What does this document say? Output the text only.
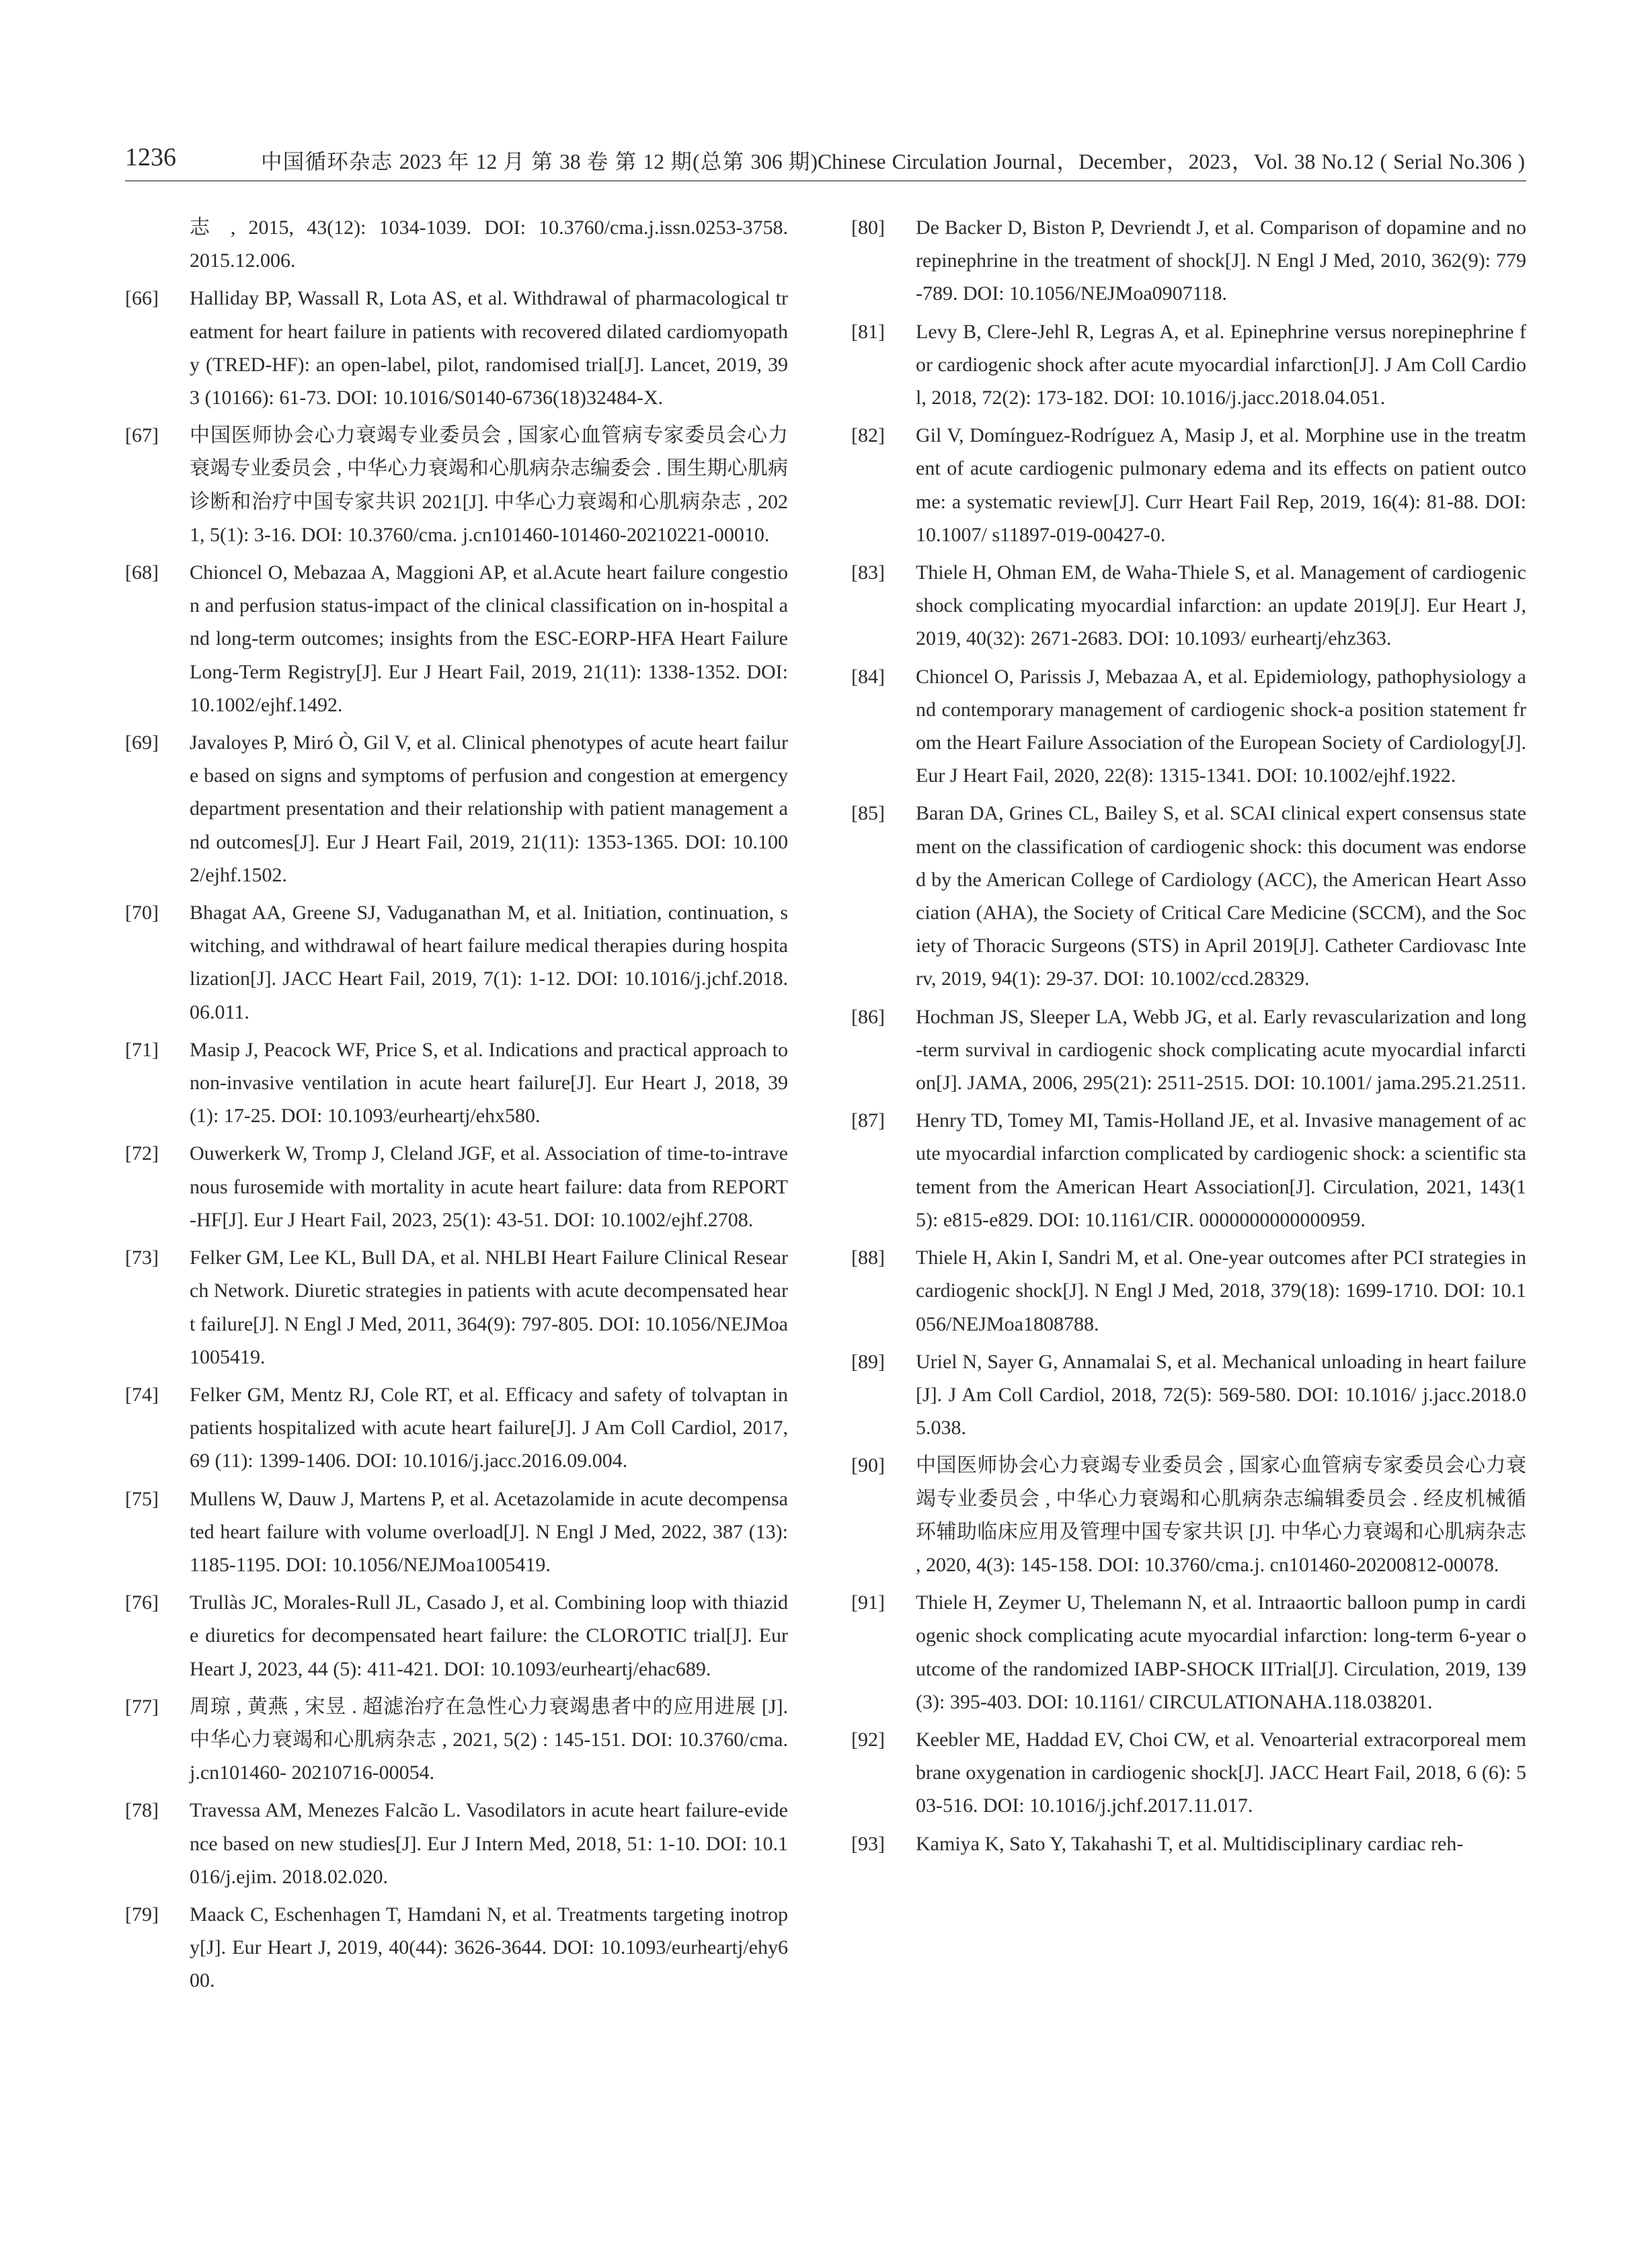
1236	中国循环杂志 2023 年 12 月 第 38 卷 第 12 期(总第 306 期)Chinese Circulation Journal，December，2023，Vol. 38 No.12 ( Serial No.306 )
志 , 2015, 43(12): 1034-1039. DOI: 10.3760/cma.j.issn.0253-3758. 2015.12.006.
[66]	Halliday BP, Wassall R, Lota AS, et al. Withdrawal of pharmacological treatment for heart failure in patients with recovered dilated cardiomyopathy (TRED-HF): an open-label, pilot, randomised trial[J]. Lancet, 2019, 393 (10166): 61-73. DOI: 10.1016/S0140-6736(18)32484-X.
[67]	中国医师协会心力衰竭专业委员会 , 国家心血管病专家委员会心力衰竭专业委员会 , 中华心力衰竭和心肌病杂志编委会 . 围生期心肌病诊断和治疗中国专家共识 2021[J]. 中华心力衰竭和心肌病杂志 , 2021, 5(1): 3-16. DOI: 10.3760/cma. j.cn101460-101460-20210221-00010.
[68]	Chioncel O, Mebazaa A, Maggioni AP, et al.Acute heart failure congestion and perfusion status-impact of the clinical classification on in-hospital and long-term outcomes; insights from the ESC-EORP-HFA Heart Failure Long-Term Registry[J]. Eur J Heart Fail, 2019, 21(11): 1338-1352. DOI: 10.1002/ejhf.1492.
[69]	Javaloyes P, Miró Ò, Gil V, et al. Clinical phenotypes of acute heart failure based on signs and symptoms of perfusion and congestion at emergency department presentation and their relationship with patient management and outcomes[J]. Eur J Heart Fail, 2019, 21(11): 1353-1365. DOI: 10.1002/ejhf.1502.
[70]	Bhagat AA, Greene SJ, Vaduganathan M, et al. Initiation, continuation, switching, and withdrawal of heart failure medical therapies during hospitalization[J]. JACC Heart Fail, 2019, 7(1): 1-12. DOI: 10.1016/j.jchf.2018.06.011.
[71]	Masip J, Peacock WF, Price S, et al. Indications and practical approach to non-invasive ventilation in acute heart failure[J]. Eur Heart J, 2018, 39(1): 17-25. DOI: 10.1093/eurheartj/ehx580.
[72]	Ouwerkerk W, Tromp J, Cleland JGF, et al. Association of time-to-intravenous furosemide with mortality in acute heart failure: data from REPORT-HF[J]. Eur J Heart Fail, 2023, 25(1): 43-51. DOI: 10.1002/ejhf.2708.
[73]	Felker GM, Lee KL, Bull DA, et al. NHLBI Heart Failure Clinical Research Network. Diuretic strategies in patients with acute decompensated heart failure[J]. N Engl J Med, 2011, 364(9): 797-805. DOI: 10.1056/NEJMoa1005419.
[74]	Felker GM, Mentz RJ, Cole RT, et al. Efficacy and safety of tolvaptan in patients hospitalized with acute heart failure[J]. J Am Coll Cardiol, 2017, 69 (11): 1399-1406. DOI: 10.1016/j.jacc.2016.09.004.
[75]	Mullens W, Dauw J, Martens P, et al. Acetazolamide in acute decompensated heart failure with volume overload[J]. N Engl J Med, 2022, 387 (13): 1185-1195. DOI: 10.1056/NEJMoa1005419.
[76]	Trullàs JC, Morales-Rull JL, Casado J, et al. Combining loop with thiazide diuretics for decompensated heart failure: the CLOROTIC trial[J]. Eur Heart J, 2023, 44 (5): 411-421. DOI: 10.1093/eurheartj/ehac689.
[77]	周琼 , 黄燕 , 宋昱 . 超滤治疗在急性心力衰竭患者中的应用进展 [J]. 中华心力衰竭和心肌病杂志 , 2021, 5(2) : 145-151. DOI: 10.3760/cma.j.cn101460- 20210716-00054.
[78]	Travessa AM, Menezes Falcão L. Vasodilators in acute heart failure-evidence based on new studies[J]. Eur J Intern Med, 2018, 51: 1-10. DOI: 10.1016/j.ejim. 2018.02.020.
[79]	Maack C, Eschenhagen T, Hamdani N, et al. Treatments targeting inotropy[J]. Eur Heart J, 2019, 40(44): 3626-3644. DOI: 10.1093/eurheartj/ehy600.
[80]	De Backer D, Biston P, Devriendt J, et al. Comparison of dopamine and norepinephrine in the treatment of shock[J]. N Engl J Med, 2010, 362(9): 779-789. DOI: 10.1056/NEJMoa0907118.
[81]	Levy B, Clere-Jehl R, Legras A, et al. Epinephrine versus norepinephrine for cardiogenic shock after acute myocardial infarction[J]. J Am Coll Cardiol, 2018, 72(2): 173-182. DOI: 10.1016/j.jacc.2018.04.051.
[82]	Gil V, Domínguez-Rodríguez A, Masip J, et al. Morphine use in the treatment of acute cardiogenic pulmonary edema and its effects on patient outcome: a systematic review[J]. Curr Heart Fail Rep, 2019, 16(4): 81-88. DOI: 10.1007/ s11897-019-00427-0.
[83]	Thiele H, Ohman EM, de Waha-Thiele S, et al. Management of cardiogenic shock complicating myocardial infarction: an update 2019[J]. Eur Heart J, 2019, 40(32): 2671-2683. DOI: 10.1093/ eurheartj/ehz363.
[84]	Chioncel O, Parissis J, Mebazaa A, et al. Epidemiology, pathophysiology and contemporary management of cardiogenic shock-a position statement from the Heart Failure Association of the European Society of Cardiology[J]. Eur J Heart Fail, 2020, 22(8): 1315-1341. DOI: 10.1002/ejhf.1922.
[85]	Baran DA, Grines CL, Bailey S, et al. SCAI clinical expert consensus statement on the classification of cardiogenic shock: this document was endorsed by the American College of Cardiology (ACC), the American Heart Association (AHA), the Society of Critical Care Medicine (SCCM), and the Society of Thoracic Surgeons (STS) in April 2019[J]. Catheter Cardiovasc Interv, 2019, 94(1): 29-37. DOI: 10.1002/ccd.28329.
[86]	Hochman JS, Sleeper LA, Webb JG, et al. Early revascularization and long-term survival in cardiogenic shock complicating acute myocardial infarction[J]. JAMA, 2006, 295(21): 2511-2515. DOI: 10.1001/ jama.295.21.2511.
[87]	Henry TD, Tomey MI, Tamis-Holland JE, et al. Invasive management of acute myocardial infarction complicated by cardiogenic shock: a scientific statement from the American Heart Association[J]. Circulation, 2021, 143(15): e815-e829. DOI: 10.1161/CIR. 0000000000000959.
[88]	Thiele H, Akin I, Sandri M, et al. One-year outcomes after PCI strategies in cardiogenic shock[J]. N Engl J Med, 2018, 379(18): 1699-1710. DOI: 10.1056/NEJMoa1808788.
[89]	Uriel N, Sayer G, Annamalai S, et al. Mechanical unloading in heart failure[J]. J Am Coll Cardiol, 2018, 72(5): 569-580. DOI: 10.1016/ j.jacc.2018.05.038.
[90]	中国医师协会心力衰竭专业委员会 , 国家心血管病专家委员会心力衰竭专业委员会 , 中华心力衰竭和心肌病杂志编辑委员会 . 经皮机械循环辅助临床应用及管理中国专家共识 [J]. 中华心力衰竭和心肌病杂志 , 2020, 4(3): 145-158. DOI: 10.3760/cma.j. cn101460-20200812-00078.
[91]	Thiele H, Zeymer U, Thelemann N, et al. Intraaortic balloon pump in cardiogenic shock complicating acute myocardial infarction: long-term 6-year outcome of the randomized IABP-SHOCK IITrial[J]. Circulation, 2019, 139(3): 395-403. DOI: 10.1161/ CIRCULATIONAHA.118.038201.
[92]	Keebler ME, Haddad EV, Choi CW, et al. Venoarterial extracorporeal membrane oxygenation in cardiogenic shock[J]. JACC Heart Fail, 2018, 6 (6): 503-516. DOI: 10.1016/j.jchf.2017.11.017.
[93]	Kamiya K, Sato Y, Takahashi T, et al. Multidisciplinary cardiac reh-
